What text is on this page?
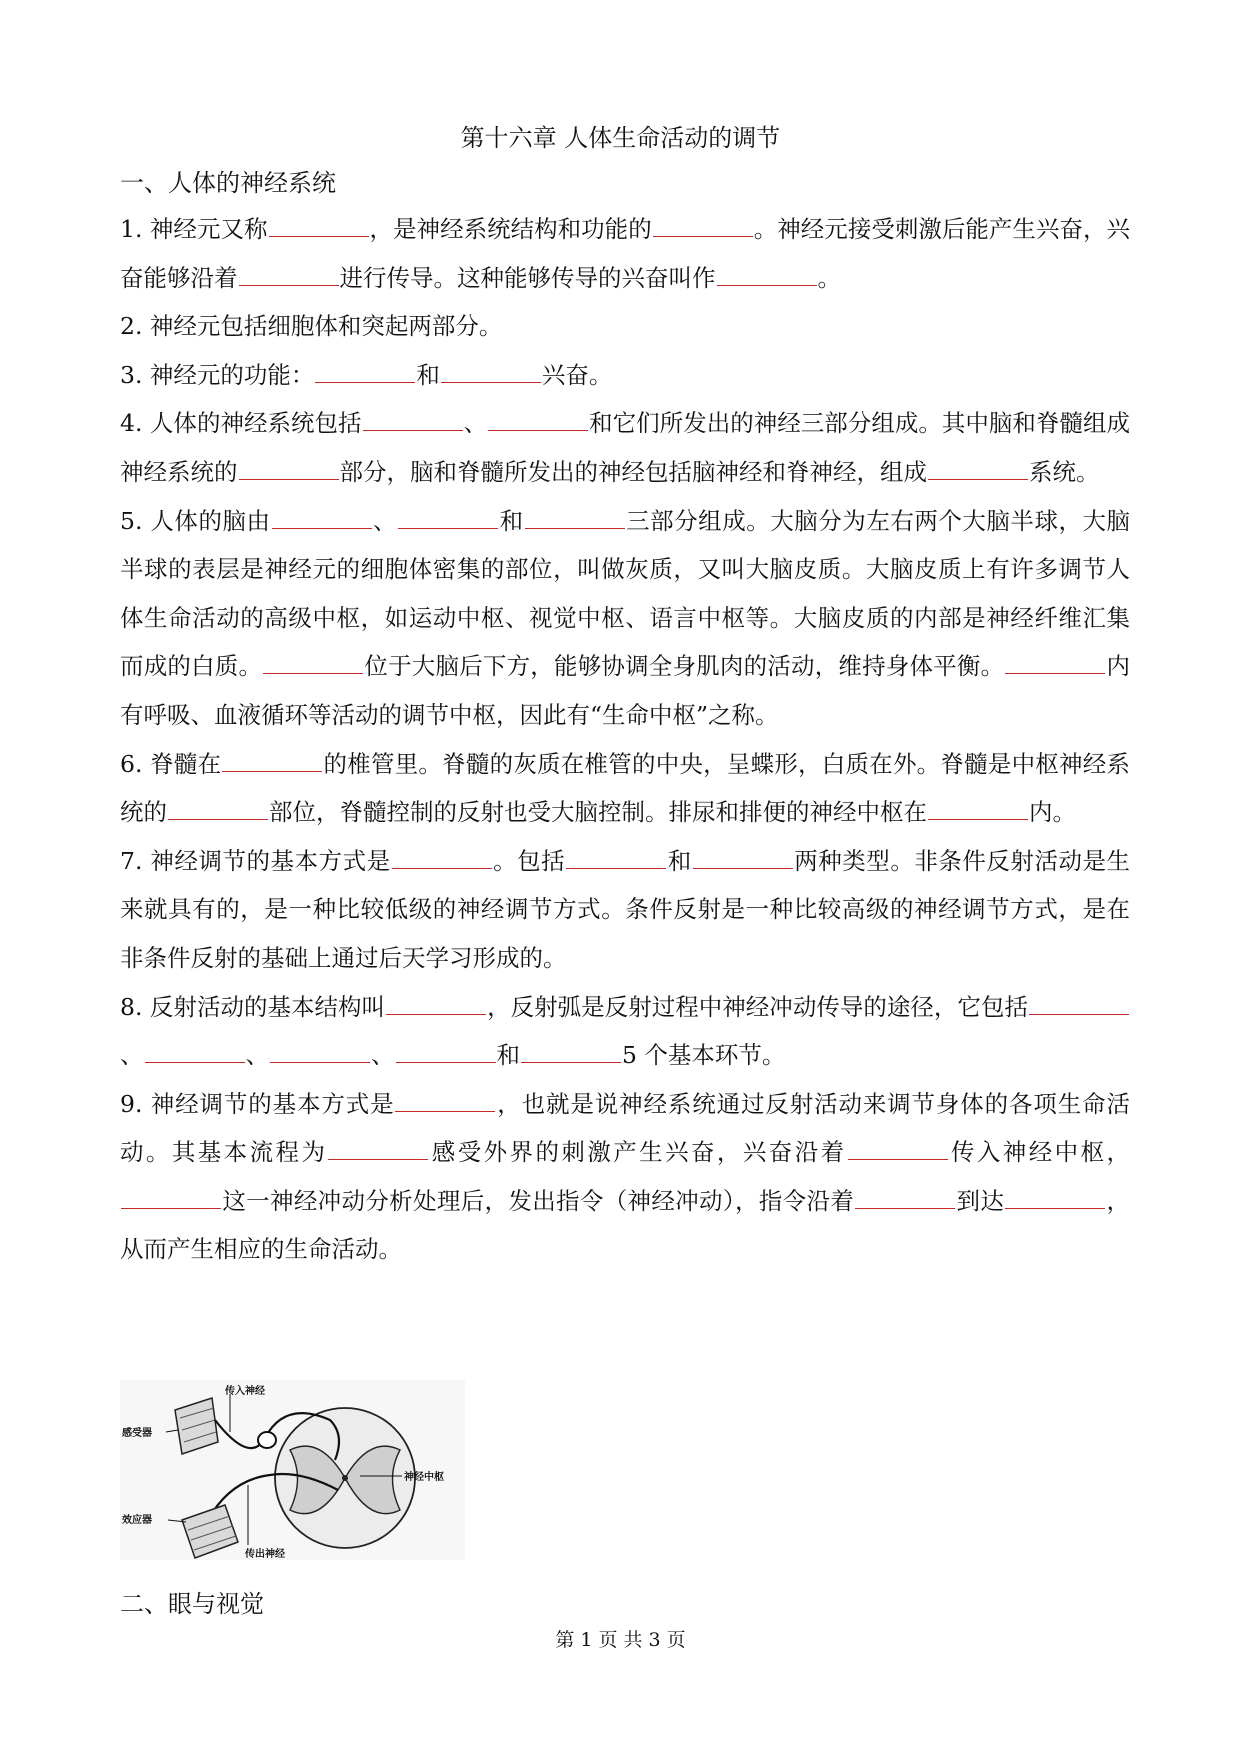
第十六章 人体生命活动的调节
一、人体的神经系统

1. 神经元又称	，是神经系统结构和功能的	。神经元接受刺激后能产生兴奋，兴奋能够沿着	进行传导。这种能够传导的兴奋叫作	。

2. 神经元包括细胞体和突起两部分。

3. 神经元的功能：	和	兴奋。

4. 人体的神经系统包括	、	和它们所发出的神经三部分组成。其中脑和脊髓组成神经系统的	部分，脑和脊髓所发出的神经包括脑神经和脊神经，组成	系统。

5. 人体的脑由	、	和	三部分组成。大脑分为左右两个大脑半球，大脑半球的表层是神经元的细胞体密集的部位，叫做灰质，又叫大脑皮质。大脑皮质上有许多调节人体生命活动的高级中枢，如运动中枢、视觉中枢、语言中枢等。大脑皮质的内部是神经纤维汇集而成的白质。	位于大脑后下方，能够协调全身肌肉的活动，维持身体平衡。	内有呼吸、血液循环等活动的调节中枢，因此有“生命中枢”之称。

6. 脊髓在	的椎管里。脊髓的灰质在椎管的中央，呈蝶形，白质在外。脊髓是中枢神经系统的	部位，脊髓控制的反射也受大脑控制。排尿和排便的神经中枢在	内。

7. 神经调节的基本方式是	。包括	和	两种类型。非条件反射活动是生来就具有的，是一种比较低级的神经调节方式。条件反射是一种比较高级的神经调节方式，是在非条件反射的基础上通过后天学习形成的。

8. 反射活动的基本结构叫	，反射弧是反射过程中神经冲动传导的途径，它包括、	、	、	和	5 个基本环节。

9. 神经调节的基本方式是	，也就是说神经系统通过反射活动来调节身体的各项生命活动。其基本流程为	感受外界的刺激产生兴奋，兴奋沿着	传入神经中枢，这一神经冲动分析处理后，发出指令（神经冲动），指令沿着	到达	，从而产生相应的生命活动。

传入神经
感受器
神经中枢
效应器
传出神经
二、眼与视觉
第 1 页 共 3 页
